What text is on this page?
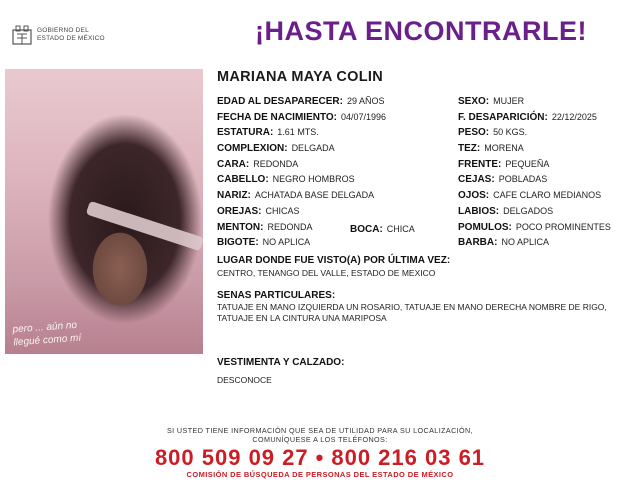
GOBIERNO DEL
ESTADO DE MÉXICO	¡HASTA ENCONTRARLE!
pero ... aún no
llegué como mí
MARIANA MAYA COLIN
EDAD AL DESAPARECER: 29 AÑOS
FECHA DE NACIMIENTO: 04/07/1996
ESTATURA: 1.61 MTS.
COMPLEXION: DELGADA
CARA: REDONDA
CABELLO: NEGRO HOMBROS
NARIZ: ACHATADA BASE DELGADA
OREJAS: CHICAS
MENTON: REDONDA
BIGOTE: NO APLICA
BOCA: CHICA
SEXO: MUJER
F. DESAPARICIÓN: 22/12/2025
PESO: 50 KGS.
TEZ: MORENA
FRENTE: PEQUEÑA
CEJAS: POBLADAS
OJOS: CAFE CLARO MEDIANOS
LABIOS: DELGADOS
POMULOS: POCO PROMINENTES
BARBA: NO APLICA
LUGAR DONDE FUE VISTO(A) POR ÚLTIMA VEZ:
CENTRO, TENANGO DEL VALLE, ESTADO DE MEXICO
SENAS PARTICULARES:
TATUAJE EN MANO IZQUIERDA UN ROSARIO, TATUAJE EN MANO DERECHA NOMBRE DE RIGO, TATUAJE EN LA CINTURA UNA MARIPOSA
VESTIMENTA Y CALZADO:
DESCONOCE
SI USTED TIENE INFORMACIÓN QUE SEA DE UTILIDAD PARA SU LOCALIZACIÓN,
COMUNÍQUESE A LOS TELÉFONOS:
800 509 09 27 • 800 216 03 61
COMISIÓN DE BÚSQUEDA DE PERSONAS DEL ESTADO DE MÉXICO
